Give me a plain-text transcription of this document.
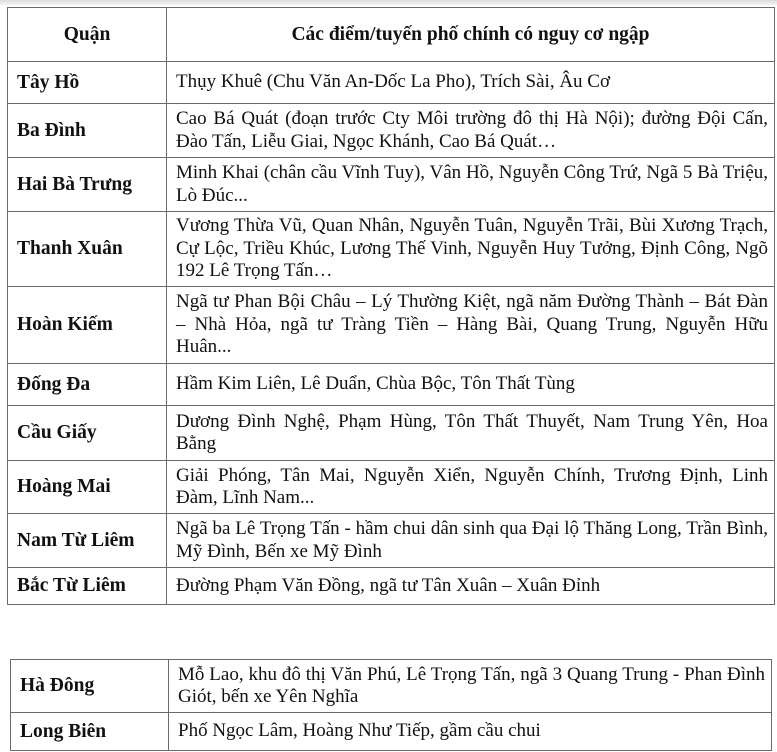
Quận	Các điểm/tuyến phố chính có nguy cơ ngập
Tây Hồ	Thụy Khuê (Chu Văn An-Dốc La Pho), Trích Sài, Âu Cơ
Ba Đình	Cao Bá Quát (đoạn trước Cty Môi trường đô thị Hà Nội); đường Đội Cấn, Đào Tấn, Liễu Giai, Ngọc Khánh, Cao Bá Quát…
Hai Bà Trưng	Minh Khai (chân cầu Vĩnh Tuy), Vân Hồ, Nguyễn Công Trứ, Ngã 5 Bà Triệu, Lò Đúc...
Thanh Xuân	Vương Thừa Vũ, Quan Nhân, Nguyễn Tuân, Nguyễn Trãi, Bùi Xương Trạch, Cự Lộc, Triều Khúc, Lương Thế Vinh, Nguyễn Huy Tưởng, Định Công, Ngõ 192 Lê Trọng Tấn…
Hoàn Kiếm	Ngã tư Phan Bội Châu – Lý Thường Kiệt, ngã năm Đường Thành – Bát Đàn – Nhà Hỏa, ngã tư Tràng Tiền – Hàng Bài, Quang Trung, Nguyễn Hữu Huân...
Đống Đa	Hầm Kim Liên, Lê Duẩn, Chùa Bộc, Tôn Thất Tùng
Cầu Giấy	Dương Đình Nghệ, Phạm Hùng, Tôn Thất Thuyết, Nam Trung Yên, Hoa Bằng
Hoàng Mai	Giải Phóng, Tân Mai, Nguyễn Xiển, Nguyễn Chính, Trương Định, Linh Đàm, Lĩnh Nam...
Nam Từ Liêm	Ngã ba Lê Trọng Tấn - hầm chui dân sinh qua Đại lộ Thăng Long, Trần Bình, Mỹ Đình, Bến xe Mỹ Đình
Bắc Từ Liêm	Đường Phạm Văn Đồng, ngã tư Tân Xuân – Xuân Đỉnh
Hà Đông	Mỗ Lao, khu đô thị Văn Phú, Lê Trọng Tấn, ngã 3 Quang Trung - Phan Đình Giót, bến xe Yên Nghĩa
Long Biên	Phố Ngọc Lâm, Hoàng Như Tiếp, gầm cầu chui
